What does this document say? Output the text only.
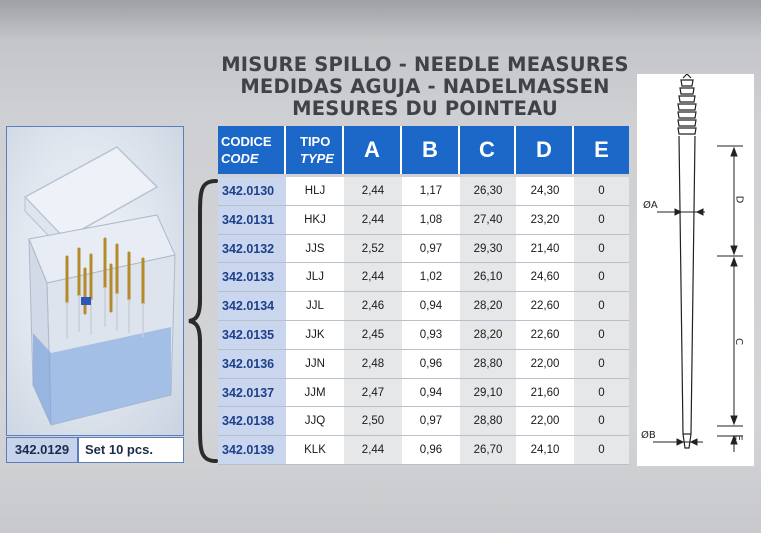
MISURE SPILLO - NEEDLE MEASURES
MEDIDAS AGUJA - NADELMASSEN
MESURES DU POINTEAU
342.0129	Set 10 pcs.
CODICE
CODE
TIPO
TYPE	A	B	C	D	E
342.0130	HLJ	2,44	1,17	26,30	24,30	0
342.0131	HKJ	2,44	1,08	27,40	23,20	0
342.0132	JJS	2,52	0,97	29,30	21,40	0
342.0133	JLJ	2,44	1,02	26,10	24,60	0
342.0134	JJL	2,46	0,94	28,20	22,60	0
342.0135	JJK	2,45	0,93	28,20	22,60	0
342.0136	JJN	2,48	0,96	28,80	22,00	0
342.0137	JJM	2,47	0,94	29,10	21,60	0
342.0138	JJQ	2,50	0,97	28,80	22,00	0
342.0139	KLK	2,44	0,96	26,70	24,10	0
ØA
ØB
D
C
E
